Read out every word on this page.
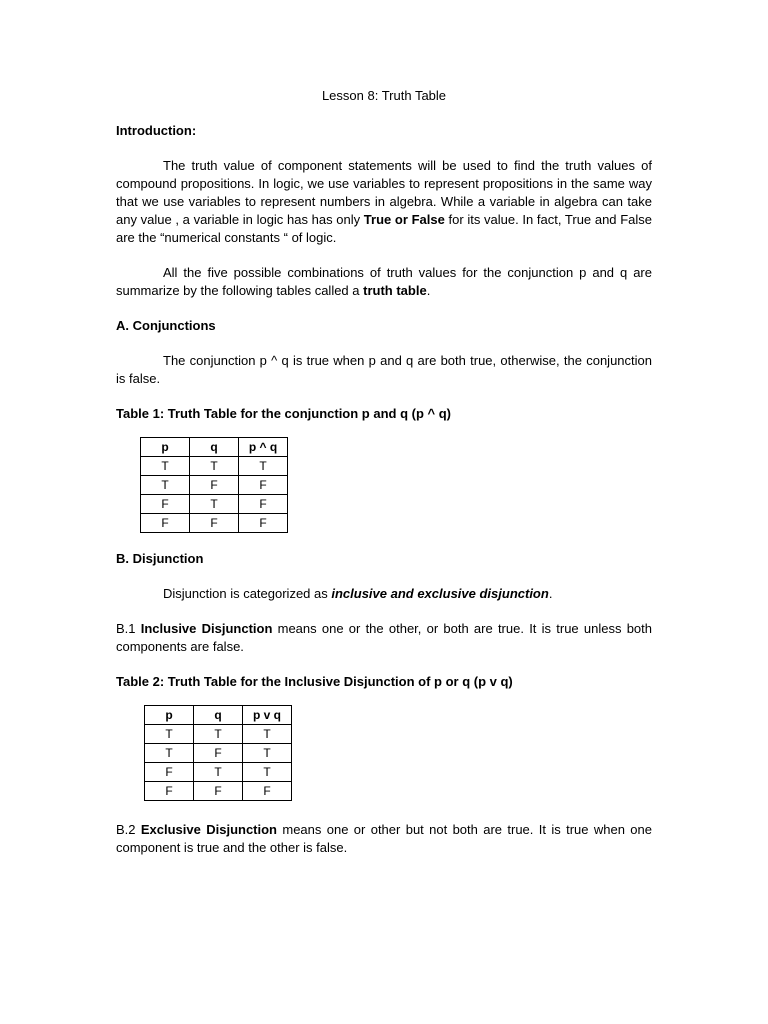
Lesson 8: Truth Table
Introduction:
The truth value of component statements will be used to find the truth values of compound propositions. In logic, we use variables to represent propositions in the same way that we use variables to represent numbers in algebra. While a variable in algebra can take any value , a variable in logic has has only True or False for its value. In fact, True and False are the “numerical constants “ of logic.
All the five possible combinations of truth values for the conjunction p and q are summarize by the following tables called a truth table.
A. Conjunctions
The conjunction p ^ q is true when p and q are both true, otherwise, the conjunction is false.
Table 1: Truth Table for the conjunction p and q (p ^ q)
p	q	p ^ q
T	T	T
T	F	F
F	T	F
F	F	F
B. Disjunction
Disjunction is categorized as inclusive and exclusive disjunction.
B.1 Inclusive Disjunction means one or the other, or both are true. It is true unless both components are false.
Table 2: Truth Table for the Inclusive Disjunction of p or q (p v q)
p	q	p v q
T	T	T
T	F	T
F	T	T
F	F	F
B.2 Exclusive Disjunction means one or other but not both are true. It is true when one component is true and the other is false.
